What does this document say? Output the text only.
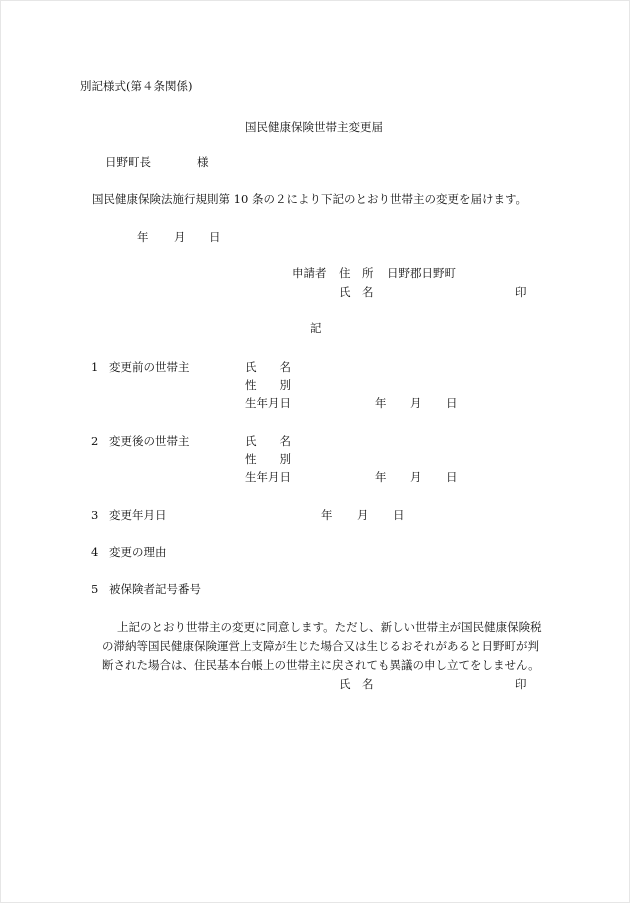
別記様式(第４条関係)
国民健康保険世帯主変更届
日野町長	様
国民健康保険法施行規則第 10 条の２により下記のとおり世帯主の変更を届けます。
年 月 日
申請者 住　所 日野郡日野町
氏　名	印
記
1 変更前の世帯主	氏　　名
性　　別
生年月日	年 月 日
2 変更後の世帯主	氏　　名
性　　別
生年月日	年 月 日
3 変更年月日	年 月 日
4 変更の理由
5 被保険者記号番号
上記のとおり世帯主の変更に同意します。ただし、新しい世帯主が国民健康保険税
の滞納等国民健康保険運営上支障が生じた場合又は生じるおそれがあると日野町が判
断された場合は、住民基本台帳上の世帯主に戻されても異議の申し立てをしません。
氏　名	印
